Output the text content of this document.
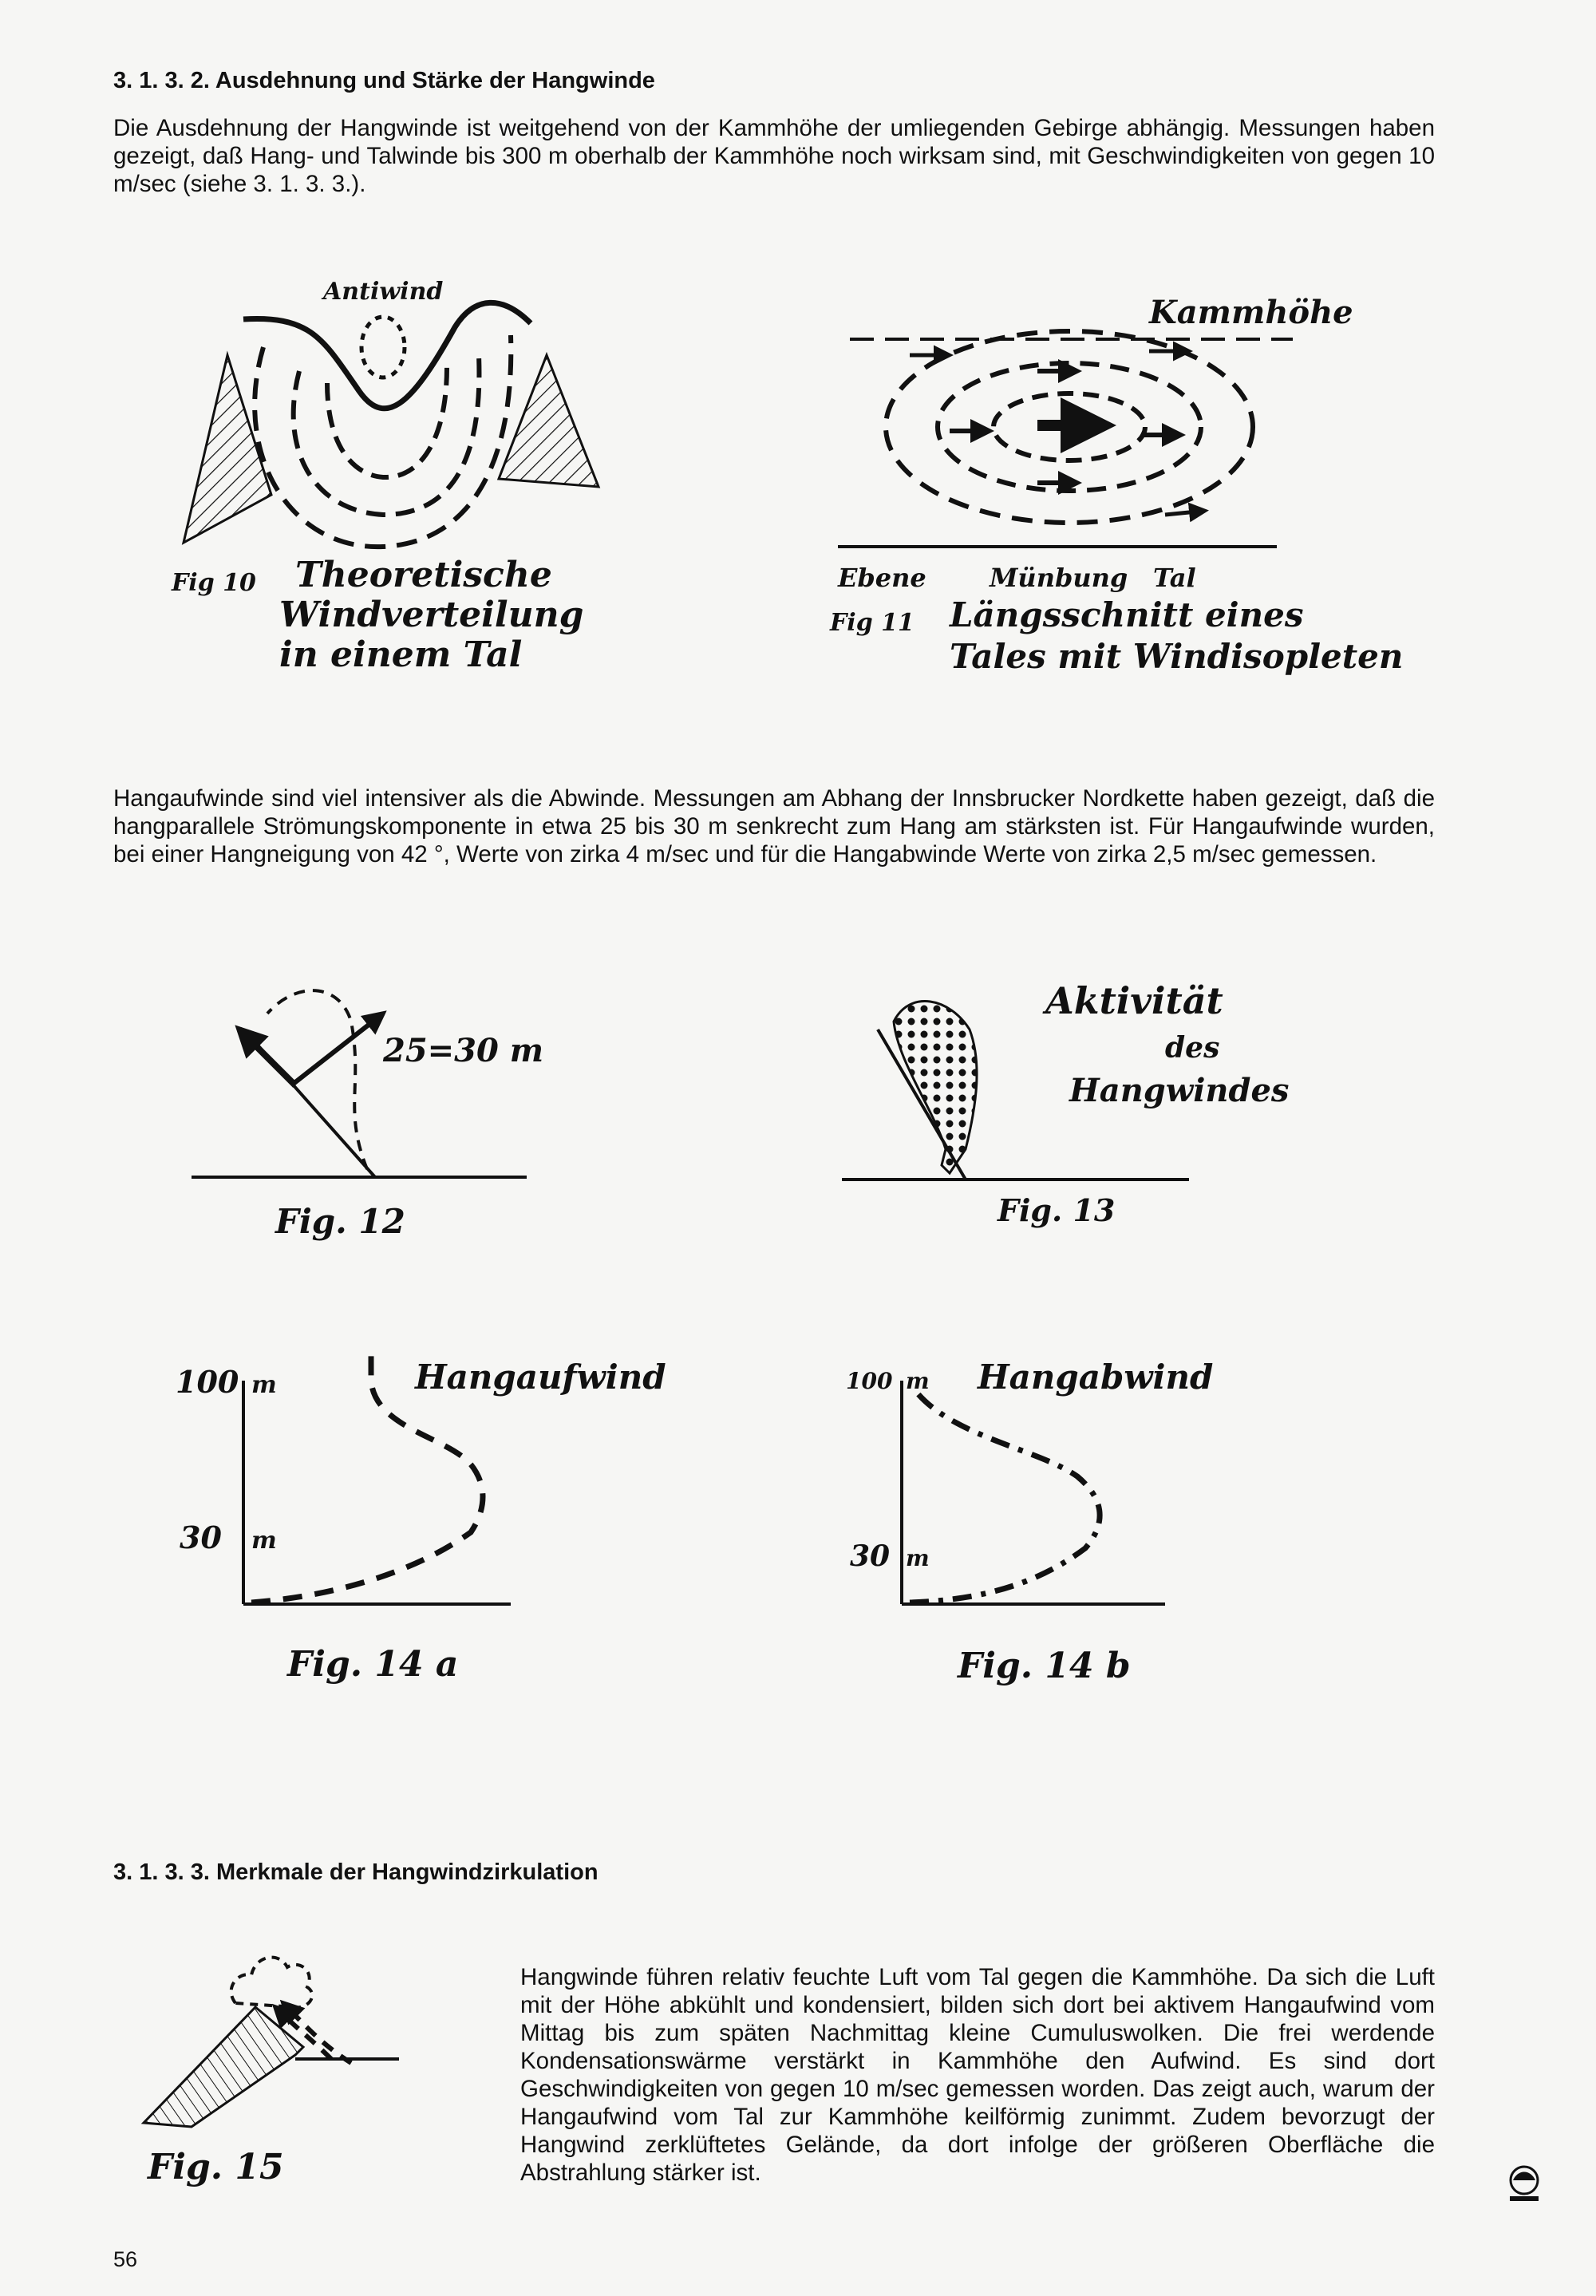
3. 1. 3. 2. Ausdehnung und Stärke der Hangwinde

Die Ausdehnung der Hangwinde ist weitgehend von der Kammhöhe der umliegenden Gebirge abhängig. Messungen haben gezeigt, daß Hang- und Talwinde bis 300 m oberhalb der Kammhöhe noch wirksam sind, mit Geschwindigkeiten von gegen 10 m/sec (siehe 3. 1. 3. 3.).

Antiwind
Fig 10 Theoretische
Windverteilung
in einem Tal
Kammhöhe
Ebene Münbung Tal
Fig 11 Längsschnitt eines
Tales mit Windisopleten

Hangaufwinde sind viel intensiver als die Abwinde. Messungen am Abhang der Innsbrucker Nordkette haben gezeigt, daß die hangparallele Strömungskomponente in etwa 25 bis 30 m senkrecht zum Hang am stärksten ist. Für Hangaufwinde wurden, bei einer Hangneigung von 42 °, Werte von zirka 4 m/sec und für die Hangabwinde Werte von zirka 2,5 m/sec gemessen.

25=30 m
Fig. 12
Aktivität
des
Hangwindes
Fig. 13
100 m
30 m
Hangaufwind
Fig. 14 a
100 m
30 m
Hangabwind
Fig. 14 b
3. 1. 3. 3. Merkmale der Hangwindzirkulation
Fig. 15

Hangwinde führen relativ feuchte Luft vom Tal gegen die Kammhöhe. Da sich die Luft mit der Höhe abkühlt und kondensiert, bilden sich dort bei aktivem Hangaufwind vom Mittag bis zum späten Nachmittag kleine Cumuluswolken. Die frei werdende Kondensationswärme verstärkt in Kammhöhe den Aufwind. Es sind dort Geschwindigkeiten von gegen 10 m/sec gemessen worden. Das zeigt auch, warum der Hangaufwind vom Tal zur Kammhöhe keilförmig zunimmt. Zudem bevorzugt der Hangwind zerklüftetes Gelände, da dort infolge der größeren Oberfläche die Abstrahlung stärker ist.

56
